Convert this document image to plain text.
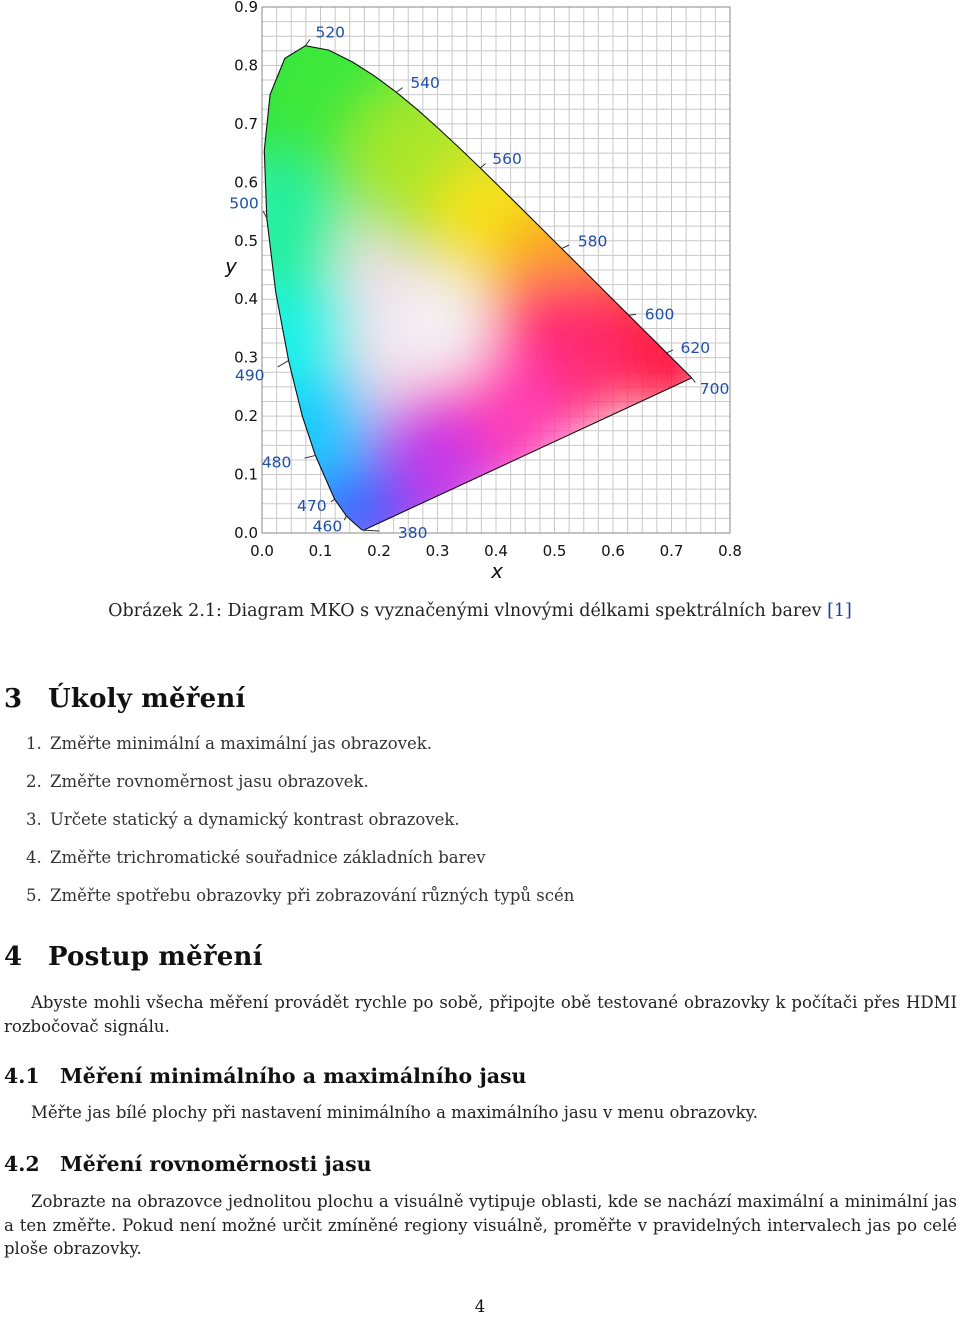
380
460
470
480
490
500
520
540
560
580
600
620
700
0.0 0.1 0.2 0.3 0.4 0.5 0.6 0.7 0.8
0.0
0.1
0.2
0.3
0.4
0.5
0.6
0.7
0.8
0.9
x
y
Obrázek 2.1: Diagram MKO s vyznačenými vlnovými délkami spektrálních barev [1]
3 Úkoly měření
1. Změřte minimální a maximální jas obrazovek.
2. Změřte rovnoměrnost jasu obrazovek.
3. Určete statický a dynamický kontrast obrazovek.
4. Změřte trichromatické souřadnice základních barev
5. Změřte spotřebu obrazovky při zobrazování různých typů scén
4 Postup měření
Abyste mohli všecha měření provádět rychle po sobě, připojte obě testované obrazovky k počítači přes HDMI rozbočovač signálu.
4.1 Měření minimálního a maximálního jasu
Měřte jas bílé plochy při nastavení minimálního a maximálního jasu v menu obrazovky.
4.2 Měření rovnoměrnosti jasu
Zobrazte na obrazovce jednolitou plochu a visuálně vytipuje oblasti, kde se nachází maximální a minimální jas a ten změřte. Pokud není možné určit zmíněné regiony visuálně, proměřte v pravidelných intervalech jas po celé ploše obrazovky.
4
